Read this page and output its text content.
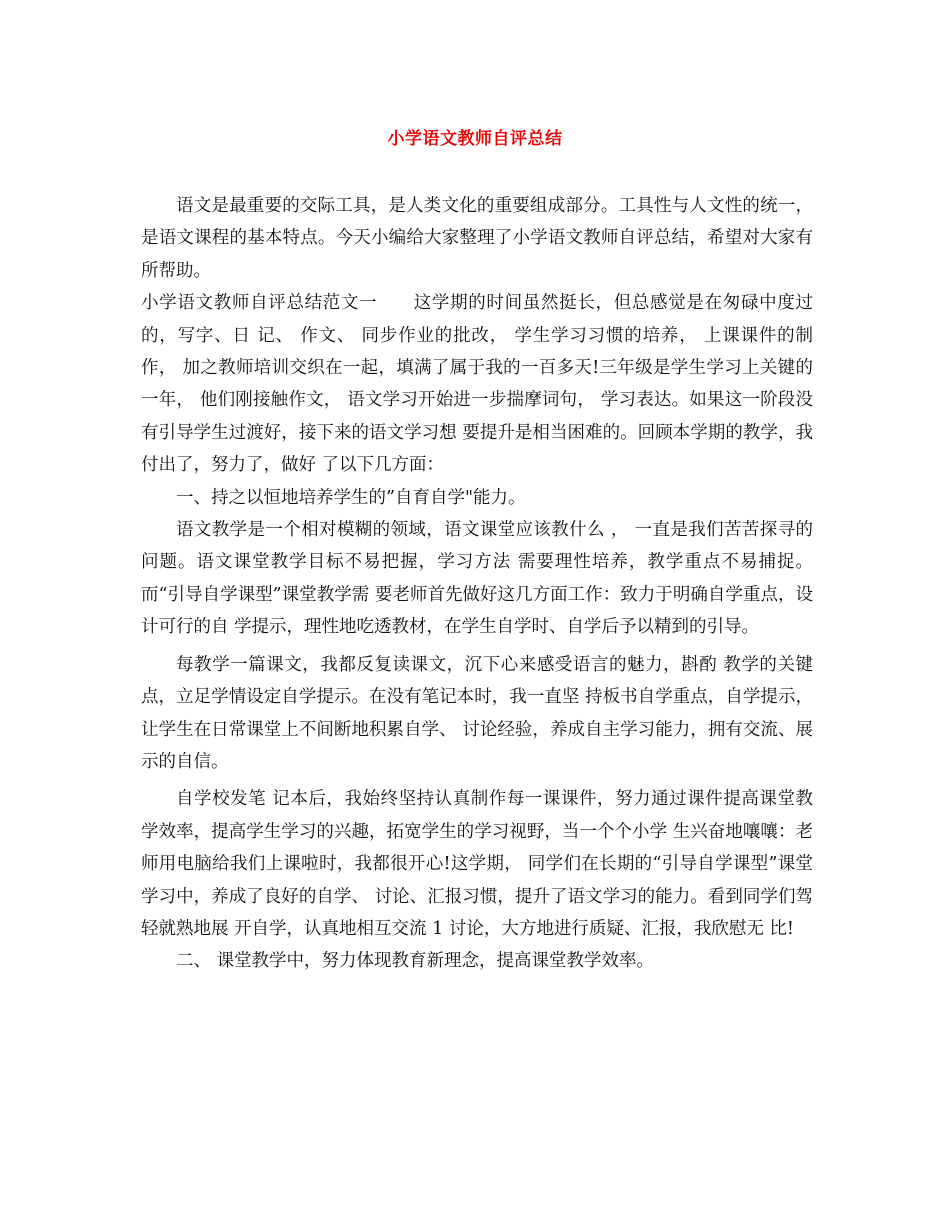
小学语文教师自评总结

语文是最重要的交际工具，是人类文化的重要组成部分。工具性与人文性的统一，是语文课程的基本特点。今天小编给大家整理了小学语文教师自评总结，希望对大家有所帮助。

小学语文教师自评总结范文一　　这学期的时间虽然挺长，但总感觉是在匆碌中度过的，写字、日 记、 作文、 同步作业的批改， 学生学习习惯的培养， 上课课件的制作， 加之教师培训交织在一起，填满了属于我的一百多天!三年级是学生学习上关键的一年， 他们刚接触作文， 语文学习开始进一步揣摩词句， 学习表达。如果这一阶段没有引导学生过渡好，接下来的语文学习想 要提升是相当困难的。回顾本学期的教学，我付出了，努力了，做好 了以下几方面：

一、持之以恒地培养学生的”自育自学"能力。

语文教学是一个相对模糊的领域，语文课堂应该教什么 ， 一直是我们苦苦探寻的问题。语文课堂教学目标不易把握，学习方法 需要理性培养，教学重点不易捕捉。而“引导自学课型”课堂教学需 要老师首先做好这几方面工作：致力于明确自学重点，设计可行的自 学提示，理性地吃透教材，在学生自学时、自学后予以精到的引导。

每教学一篇课文，我都反复读课文，沉下心来感受语言的魅力，斟酌 教学的关键点，立足学情设定自学提示。在没有笔记本时，我一直坚 持板书自学重点，自学提示， 让学生在日常课堂上不间断地积累自学、 讨论经验，养成自主学习能力，拥有交流、展示的自信。

自学校发笔 记本后，我始终坚持认真制作每一课课件，努力通过课件提高课堂教 学效率，提高学生学习的兴趣，拓宽学生的学习视野，当一个个小学 生兴奋地嚷嚷：老师用电脑给我们上课啦时，我都很开心!这学期， 同学们在长期的“引导自学课型”课堂学习中，养成了良好的自学、 讨论、汇报习惯，提升了语文学习的能力。看到同学们驾轻就熟地展 开自学，认真地相互交流 1 讨论，大方地进行质疑、汇报，我欣慰无 比!

二、 课堂教学中，努力体现教育新理念，提高课堂教学效率。
